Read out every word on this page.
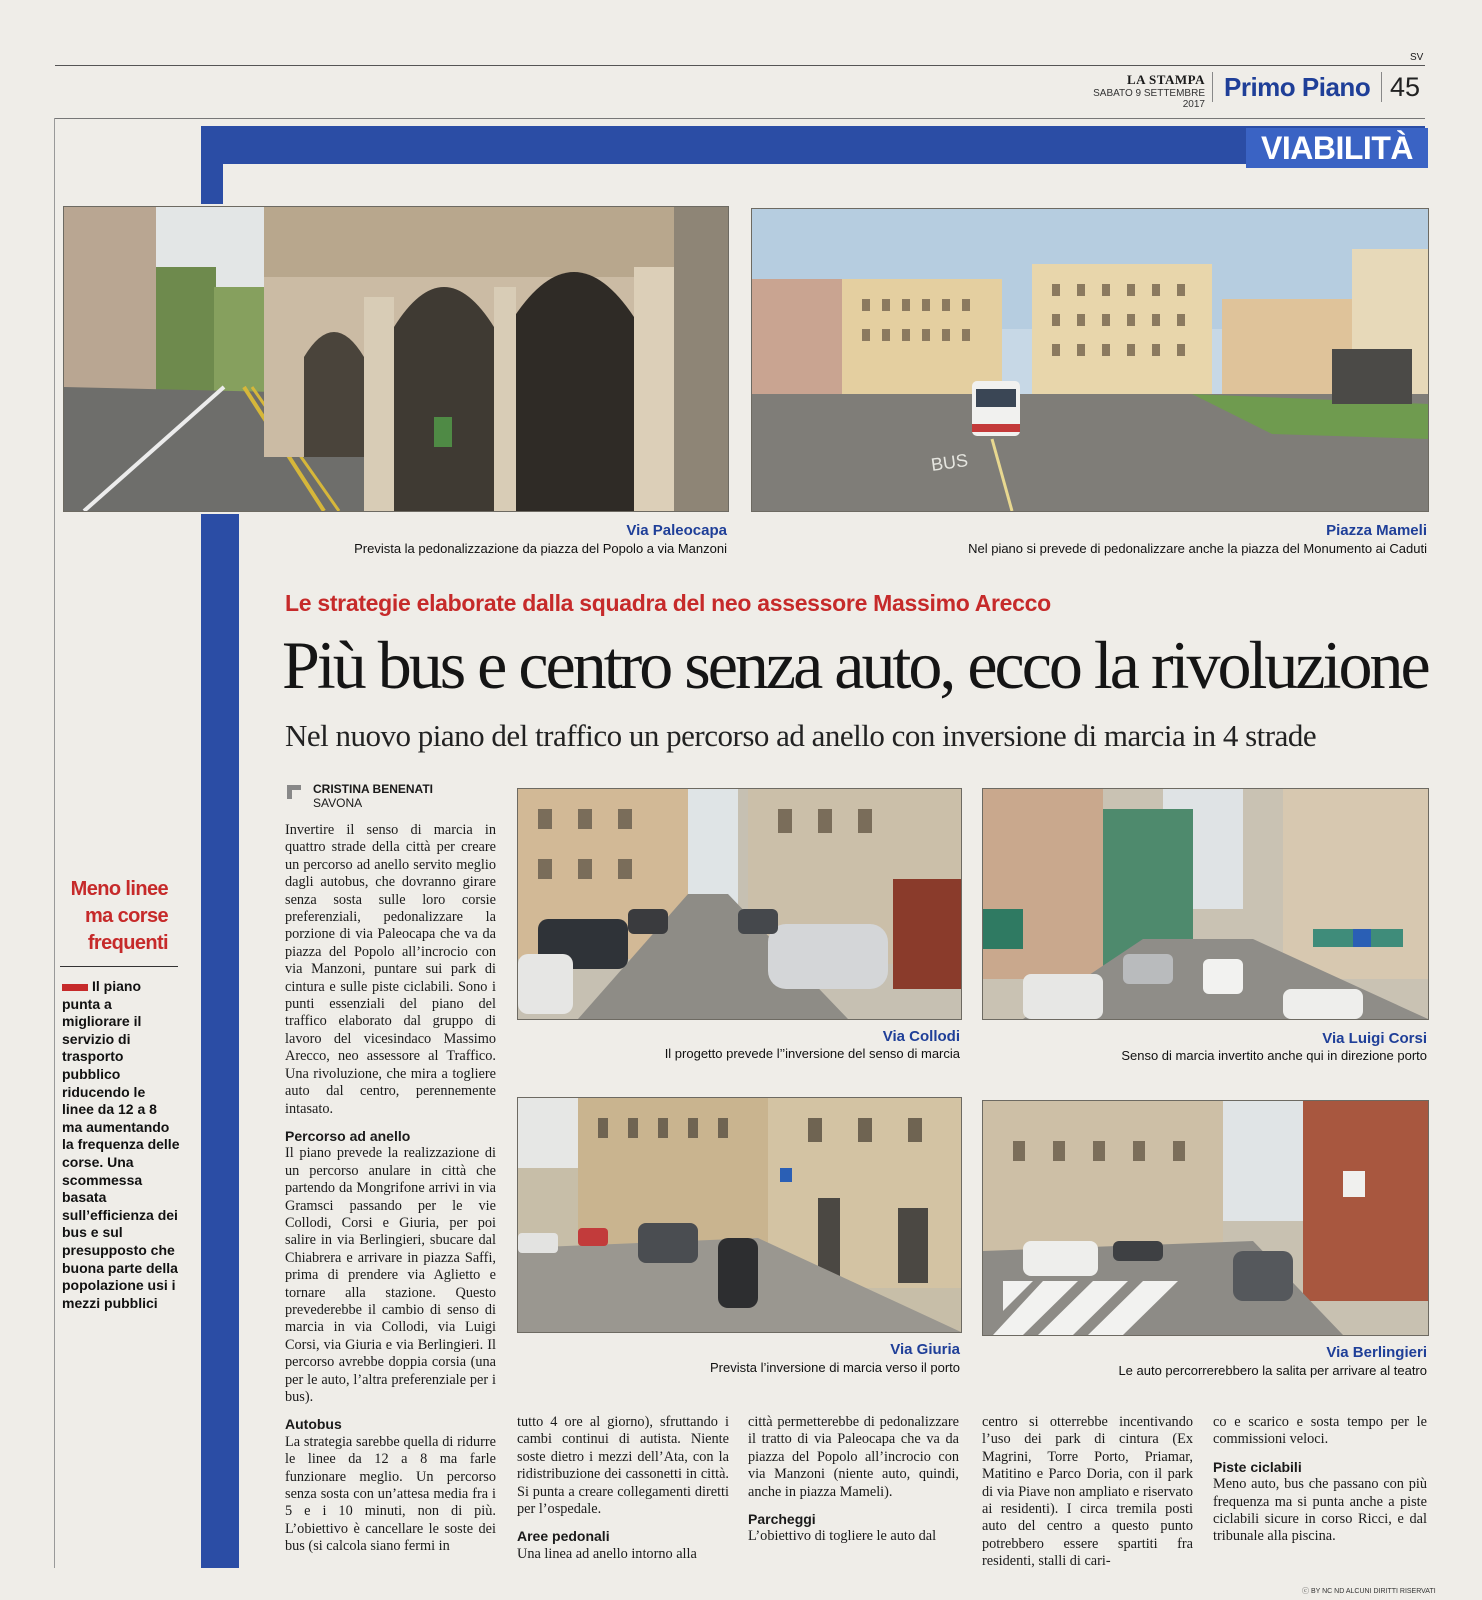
SV
LA STAMPA
SABATO 9 SETTEMBRE 2017
Primo Piano 45
VIABILITÀ
Via Paleocapa
Prevista la pedonalizzazione da piazza del Popolo a via Manzoni
BUS
Piazza Mameli
Nel piano si prevede di pedonalizzare anche la piazza del Monumento ai Caduti
Le strategie elaborate dalla squadra del neo assessore Massimo Arecco
Più bus e centro senza auto, ecco la rivoluzione
Nel nuovo piano del traffico un percorso ad anello con inversione di marcia in 4 strade
CRISTINA BENENATI
SAVONA

Invertire il senso di marcia in quattro strade della città per creare un percorso ad anello servito meglio dagli autobus, che dovranno girare senza sosta sulle loro corsie preferenziali, pedonalizzare la porzione di via Paleocapa che va da piazza del Popolo all’incrocio con via Manzoni, puntare sui park di cintura e sulle piste ciclabili. Sono i punti essenziali del piano del traffico elaborato dal gruppo di lavoro del vicesindaco Massimo Arecco, neo assessore al Traffico. Una rivoluzione, che mira a togliere auto dal centro, perennemente intasato.

Percorso ad anello

Il piano prevede la realizzazione di un percorso anulare in città che partendo da Mongrifone arrivi in via Gramsci passando per le vie Collodi, Corsi e Giuria, per poi salire in via Berlingieri, sbucare dal Chiabrera e arrivare in piazza Saffi, prima di prendere via Aglietto e tornare alla stazione. Questo prevederebbe il cambio di senso di marcia in via Collodi, via Luigi Corsi, via Giuria e via Berlingieri. Il percorso avrebbe doppia corsia (una per le auto, l’altra preferenziale per i bus).

Autobus

La strategia sarebbe quella di ridurre le linee da 12 a 8 ma farle funzionare meglio. Un percorso senza sosta con un’attesa media fra i 5 e i 10 minuti, non di più. L’obiettivo è cancellare le soste dei bus (si calcola siano fermi in

Via Collodi
Il progetto prevede l’’inversione del senso di marcia
Via Luigi Corsi
Senso di marcia invertito anche qui in direzione porto
Via Giuria
Prevista l’inversione di marcia verso il porto
Via Berlingieri
Le auto percorrerebbero la salita per arrivare al teatro

tutto 4 ore al giorno), sfruttando i cambi continui di autista. Niente soste dietro i mezzi dell’Ata, con la ridistribuzione dei cassonetti in città. Si punta a creare collegamenti diretti per l’ospedale.

Aree pedonali

Una linea ad anello intorno alla

città permetterebbe di pedonalizzare il tratto di via Paleocapa che va da piazza del Popolo all’incrocio con via Manzoni (niente auto, quindi, anche in piazza Mameli).

Parcheggi

L’obiettivo di togliere le auto dal

centro si otterrebbe incentivando l’uso dei park di cintura (Ex Magrini, Torre Porto, Priamar, Matitino e Parco Doria, con il park di via Piave non ampliato e riservato ai residenti). I circa tremila posti auto del centro a questo punto potrebbero essere spartiti fra residenti, stalli di cari-

co e scarico e sosta tempo per le commissioni veloci.

Piste ciclabili

Meno auto, bus che passano con più frequenza ma si punta anche a piste ciclabili sicure in corso Ricci, e dal tribunale alla piscina.

Meno linee ma corse frequenti
Il piano punta a migliorare il servizio di trasporto pubblico riducendo le linee da 12 a 8 ma aumentando la frequenza delle corse. Una scommessa basata sull’efficienza dei bus e sul presupposto che buona parte della popolazione usi i mezzi pubblici
ⓒ BY NC ND ALCUNI DIRITTI RISERVATI
